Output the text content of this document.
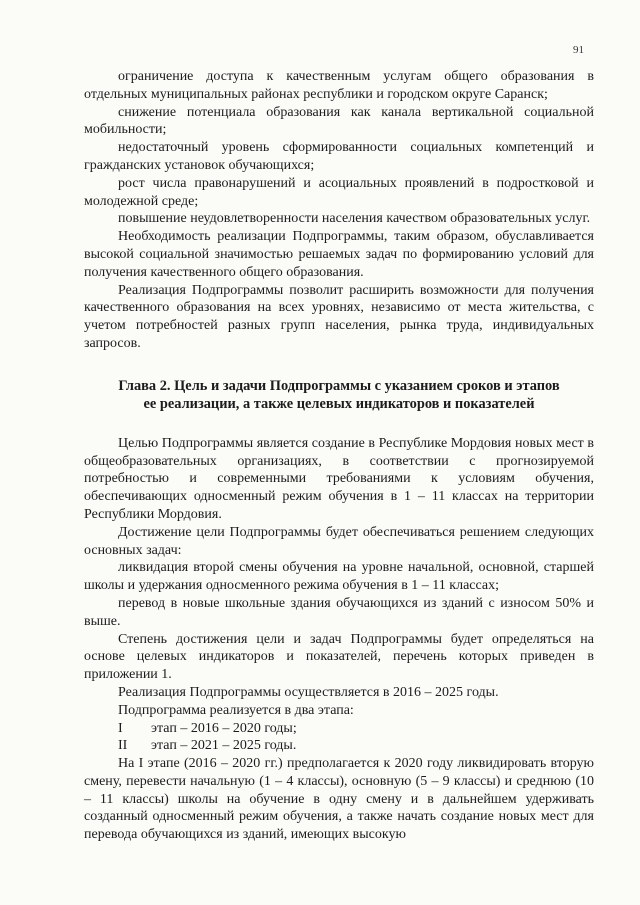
91

ограничение доступа к качественным услугам общего образования в отдельных муниципальных районах республики и городском округе Саранск;

снижение потенциала образования как канала вертикальной социальной мобильности;

недостаточный уровень сформированности социальных компетенций и гражданских установок обучающихся;

рост числа правонарушений и асоциальных проявлений в подростковой и молодежной среде;

повышение неудовлетворенности населения качеством образовательных услуг.

Необходимость реализации Подпрограммы, таким образом, обуславливается высокой социальной значимостью решаемых задач по формированию условий для получения качественного общего образования.

Реализация Подпрограммы позволит расширить возможности для получения качественного образования на всех уровнях, независимо от места жительства, с учетом потребностей разных групп населения, рынка труда, индивидуальных запросов.

Глава 2. Цель и задачи Подпрограммы с указанием сроков и этапов
ее реализации, а также целевых индикаторов и показателей

Целью Подпрограммы является создание в Республике Мордовия новых мест в общеобразовательных организациях, в соответствии с прогнозируемой потребностью и современными требованиями к условиям обучения, обеспечивающих односменный режим обучения в 1 – 11 классах на территории Республики Мордовия.

Достижение цели Подпрограммы будет обеспечиваться решением следующих основных задач:

ликвидация второй смены обучения на уровне начальной, основной, старшей школы и удержания односменного режима обучения в 1 – 11 классах;

перевод в новые школьные здания обучающихся из зданий с износом 50% и выше.

Степень достижения цели и задач Подпрограммы будет определяться на основе целевых индикаторов и показателей, перечень которых приведен в приложении 1.

Реализация Подпрограммы осуществляется в 2016 – 2025 годы.

Подпрограмма реализуется в два этапа:

I	этап – 2016 – 2020 годы;
II	этап – 2021 – 2025 годы.

На I этапе (2016 – 2020 гг.) предполагается к 2020 году ликвидировать вторую смену, перевести начальную (1 – 4 классы), основную (5 – 9 классы) и среднюю (10 – 11 классы) школы на обучение в одну смену и в дальнейшем удерживать созданный односменный режим обучения, а также начать создание новых мест для перевода обучающихся из зданий, имеющих высокую
